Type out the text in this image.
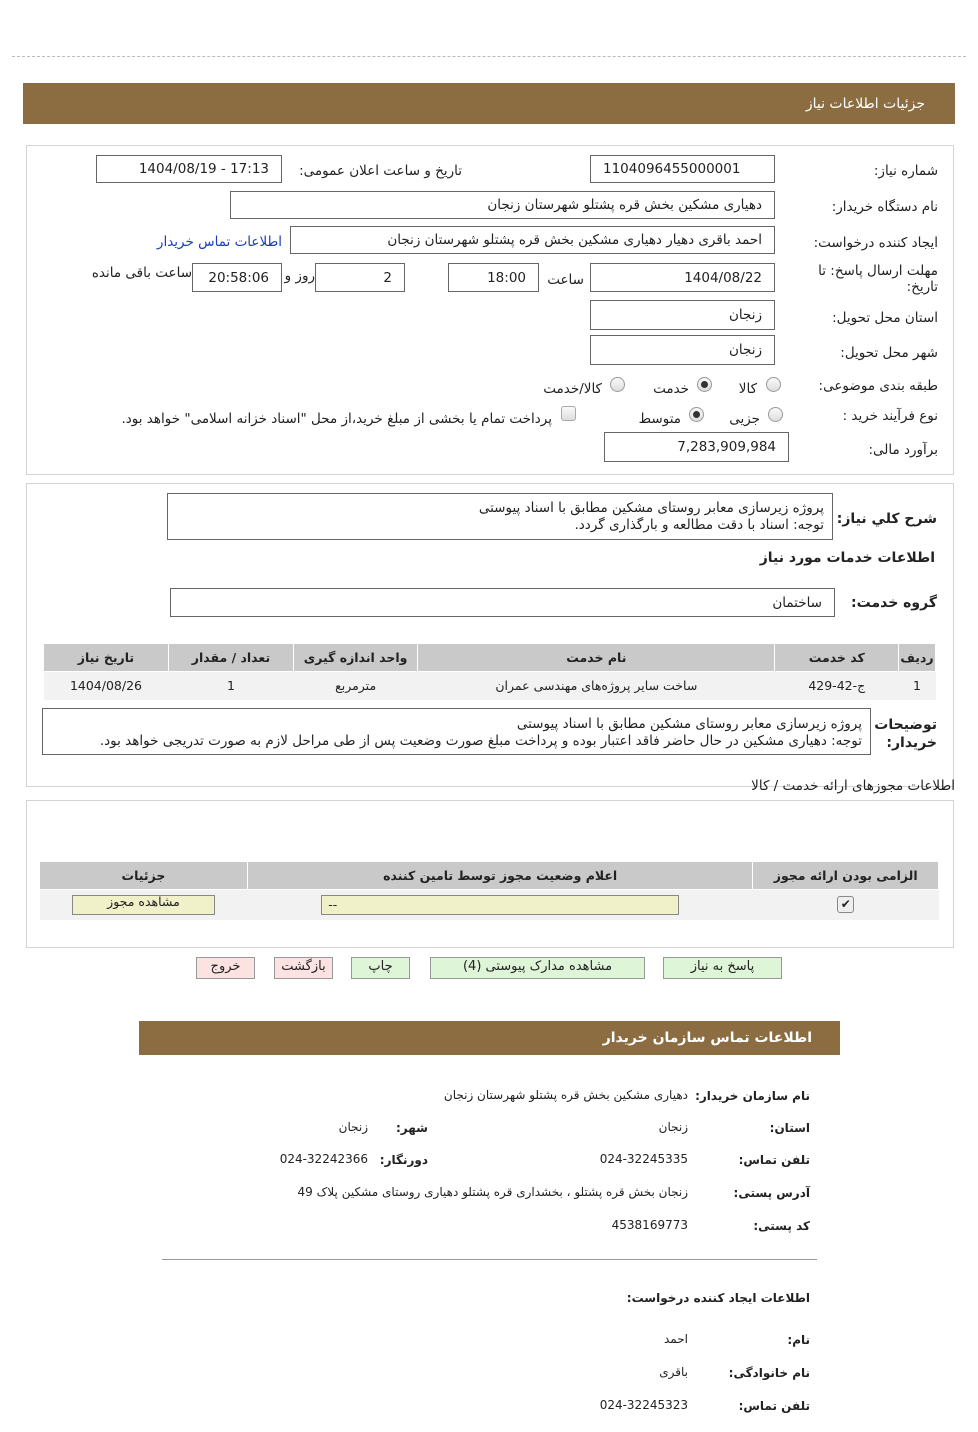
جزئیات اطلاعات نیاز
شماره نیاز:
1104096455000001
تاریخ و ساعت اعلان عمومی:
1404/08/19 - 17:13
نام دستگاه خریدار:
دهیاری مشکین بخش قره پشتلو شهرستان زنجان
ایجاد کننده درخواست:
احمد باقری دهیار دهیاری مشکین بخش قره پشتلو شهرستان زنجان
اطلاعات تماس خریدار
مهلت ارسال پاسخ: تا تاریخ:
1404/08/22
ساعت
18:00
2
روز و
20:58:06
ساعت باقی مانده
استان محل تحویل:
زنجان
شهر محل تحویل:
زنجان
طبقه بندی موضوعی:
کالا
خدمت
کالا/خدمت
نوع فرآیند خرید :
جزیی
متوسط
پرداخت تمام یا بخشی از مبلغ خرید،از محل "اسناد خزانه اسلامی" خواهد بود.
برآورد مالی:
7,283,909,984
شرح کلي نياز:
پروژه زیرسازی معابر روستای مشکین مطابق با اسناد پیوستی
توجه: اسناد با دقت مطالعه و بارگذاری گردد.
اطلاعات خدمات مورد نیاز
گروه خدمت:
ساختمان
ردیف	کد خدمت	نام خدمت	واحد اندازه گیری	تعداد / مقدار	تاریخ نیاز
1	ج-42-429	ساخت سایر پروژه‌های مهندسی عمران	مترمربع	1	1404/08/26
توضیحات
خریدار:
پروژه زیرسازی معابر روستای مشکین مطابق با اسناد پیوستی
توجه: دهیاری مشکین در حال حاضر فاقد اعتبار بوده و پرداخت مبلغ صورت وضعیت پس از طی مراحل لازم به صورت تدریجی خواهد بود.
اطلاعات مجوزهای ارائه خدمت / کالا
الزامی بودن ارائه مجوز	اعلام وضعیت مجوز توسط تامین کننده	جزئیات
✔	--	مشاهده مجوز
پاسخ به نیاز
مشاهده مدارک پیوستی (4)
چاپ
بازگشت
خروج
اطلاعات تماس سازمان خریدار
نام سازمان خریدار:
دهیاری مشکین بخش قره پشتلو شهرستان زنجان
استان:
زنجان
شهر:
زنجان
تلفن تماس:
024-32245335
دورنگار:
024-32242366
آدرس پستی:
زنجان بخش قره پشتلو ، بخشداری قره پشتلو دهیاری روستای مشکین پلاک 49
کد پستی:
4538169773
اطلاعات ایجاد کننده درخواست:
نام:
احمد
نام خانوادگی:
باقری
تلفن تماس:
024-32245323
